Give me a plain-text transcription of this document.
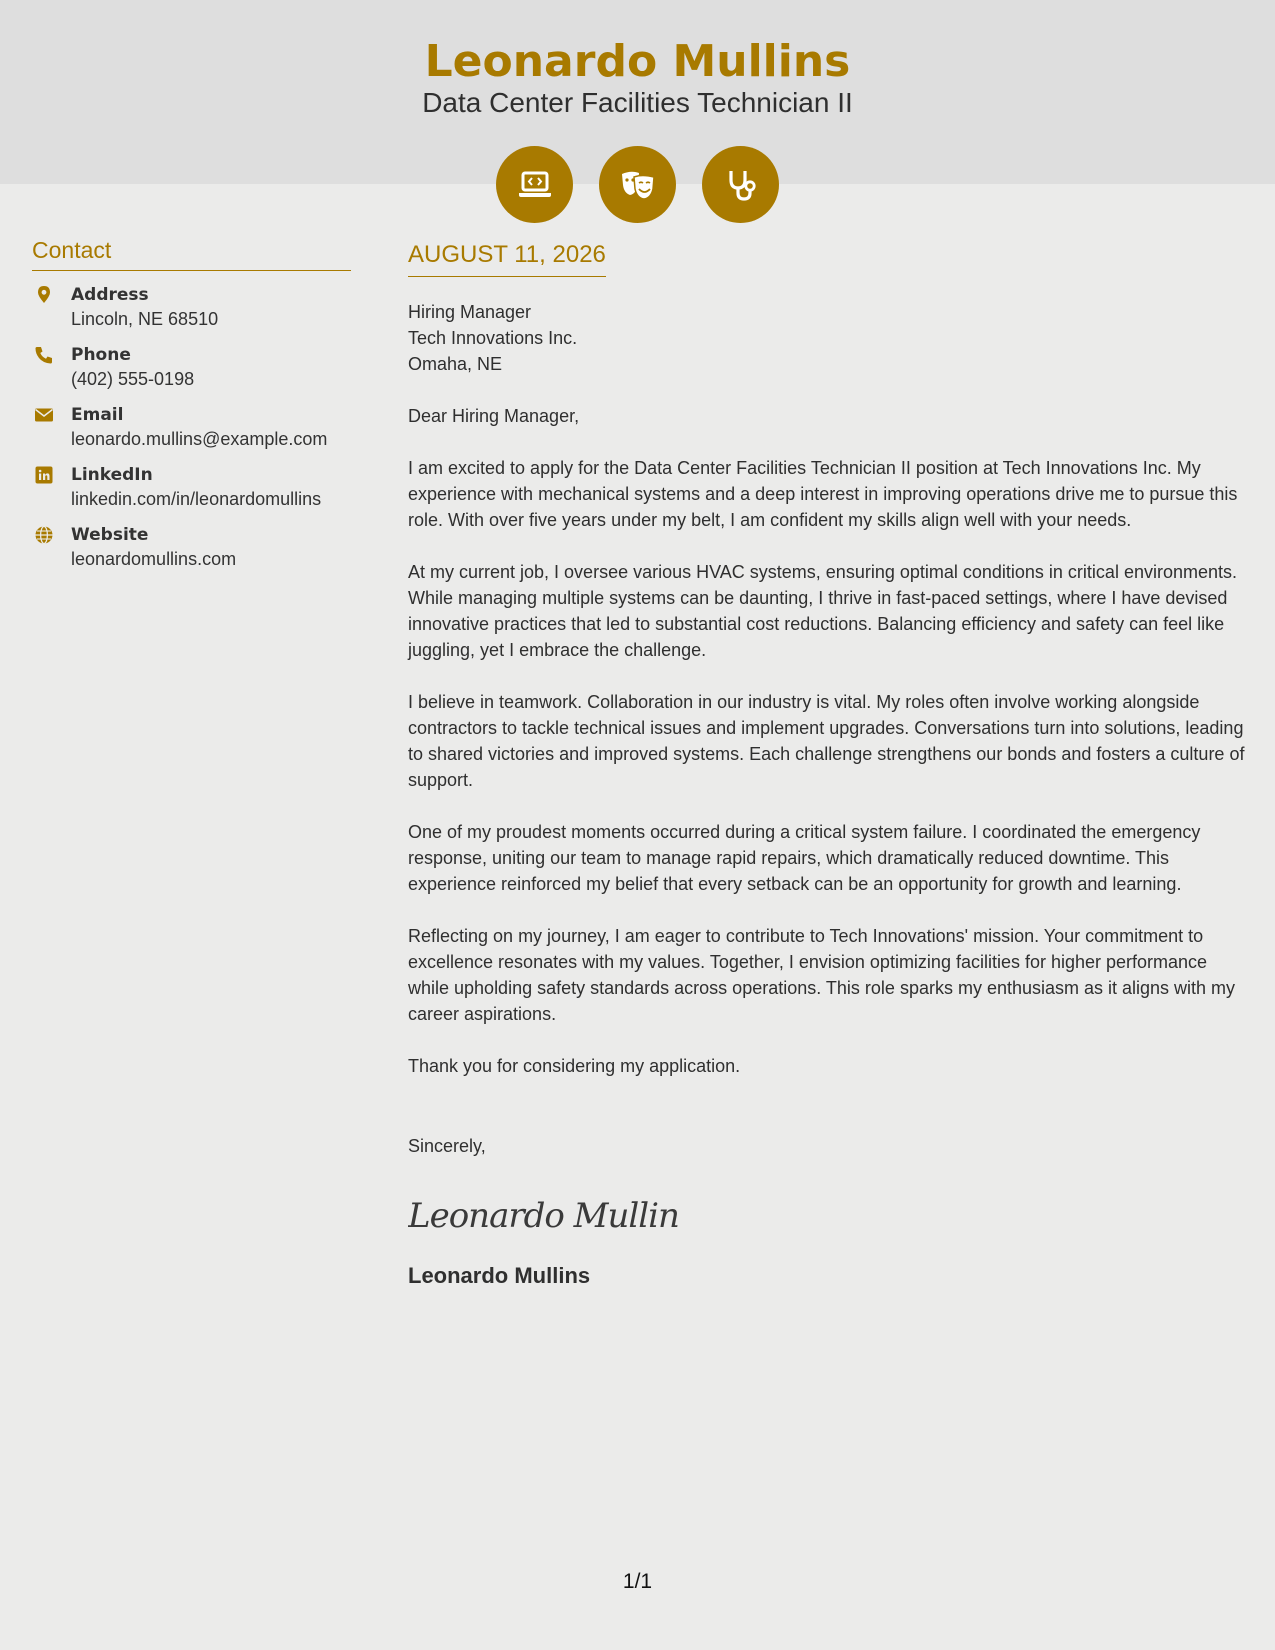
Leonardo Mullins
Data Center Facilities Technician II
Contact
Address
Lincoln, NE 68510
Phone
(402) 555-0198
Email
leonardo.mullins@example.com
LinkedIn
linkedin.com/in/leonardomullins
Website
leonardomullins.com
AUGUST 11, 2026
Hiring Manager
Tech Innovations Inc.
Omaha, NE
Dear Hiring Manager,
I am excited to apply for the Data Center Facilities Technician II position at Tech Innovations Inc. My experience with mechanical systems and a deep interest in improving operations drive me to pursue this role. With over five years under my belt, I am confident my skills align well with your needs.
At my current job, I oversee various HVAC systems, ensuring optimal conditions in critical environments. While managing multiple systems can be daunting, I thrive in fast-paced settings, where I have devised innovative practices that led to substantial cost reductions. Balancing efficiency and safety can feel like juggling, yet I embrace the challenge.
I believe in teamwork. Collaboration in our industry is vital. My roles often involve working alongside contractors to tackle technical issues and implement upgrades. Conversations turn into solutions, leading to shared victories and improved systems. Each challenge strengthens our bonds and fosters a culture of support.
One of my proudest moments occurred during a critical system failure. I coordinated the emergency response, uniting our team to manage rapid repairs, which dramatically reduced downtime. This experience reinforced my belief that every setback can be an opportunity for growth and learning.
Reflecting on my journey, I am eager to contribute to Tech Innovations' mission. Your commitment to excellence resonates with my values. Together, I envision optimizing facilities for higher performance while upholding safety standards across operations. This role sparks my enthusiasm as it aligns with my career aspirations.
Thank you for considering my application.
Sincerely,
Leonardo Mullins
Leonardo Mullins
1/1
